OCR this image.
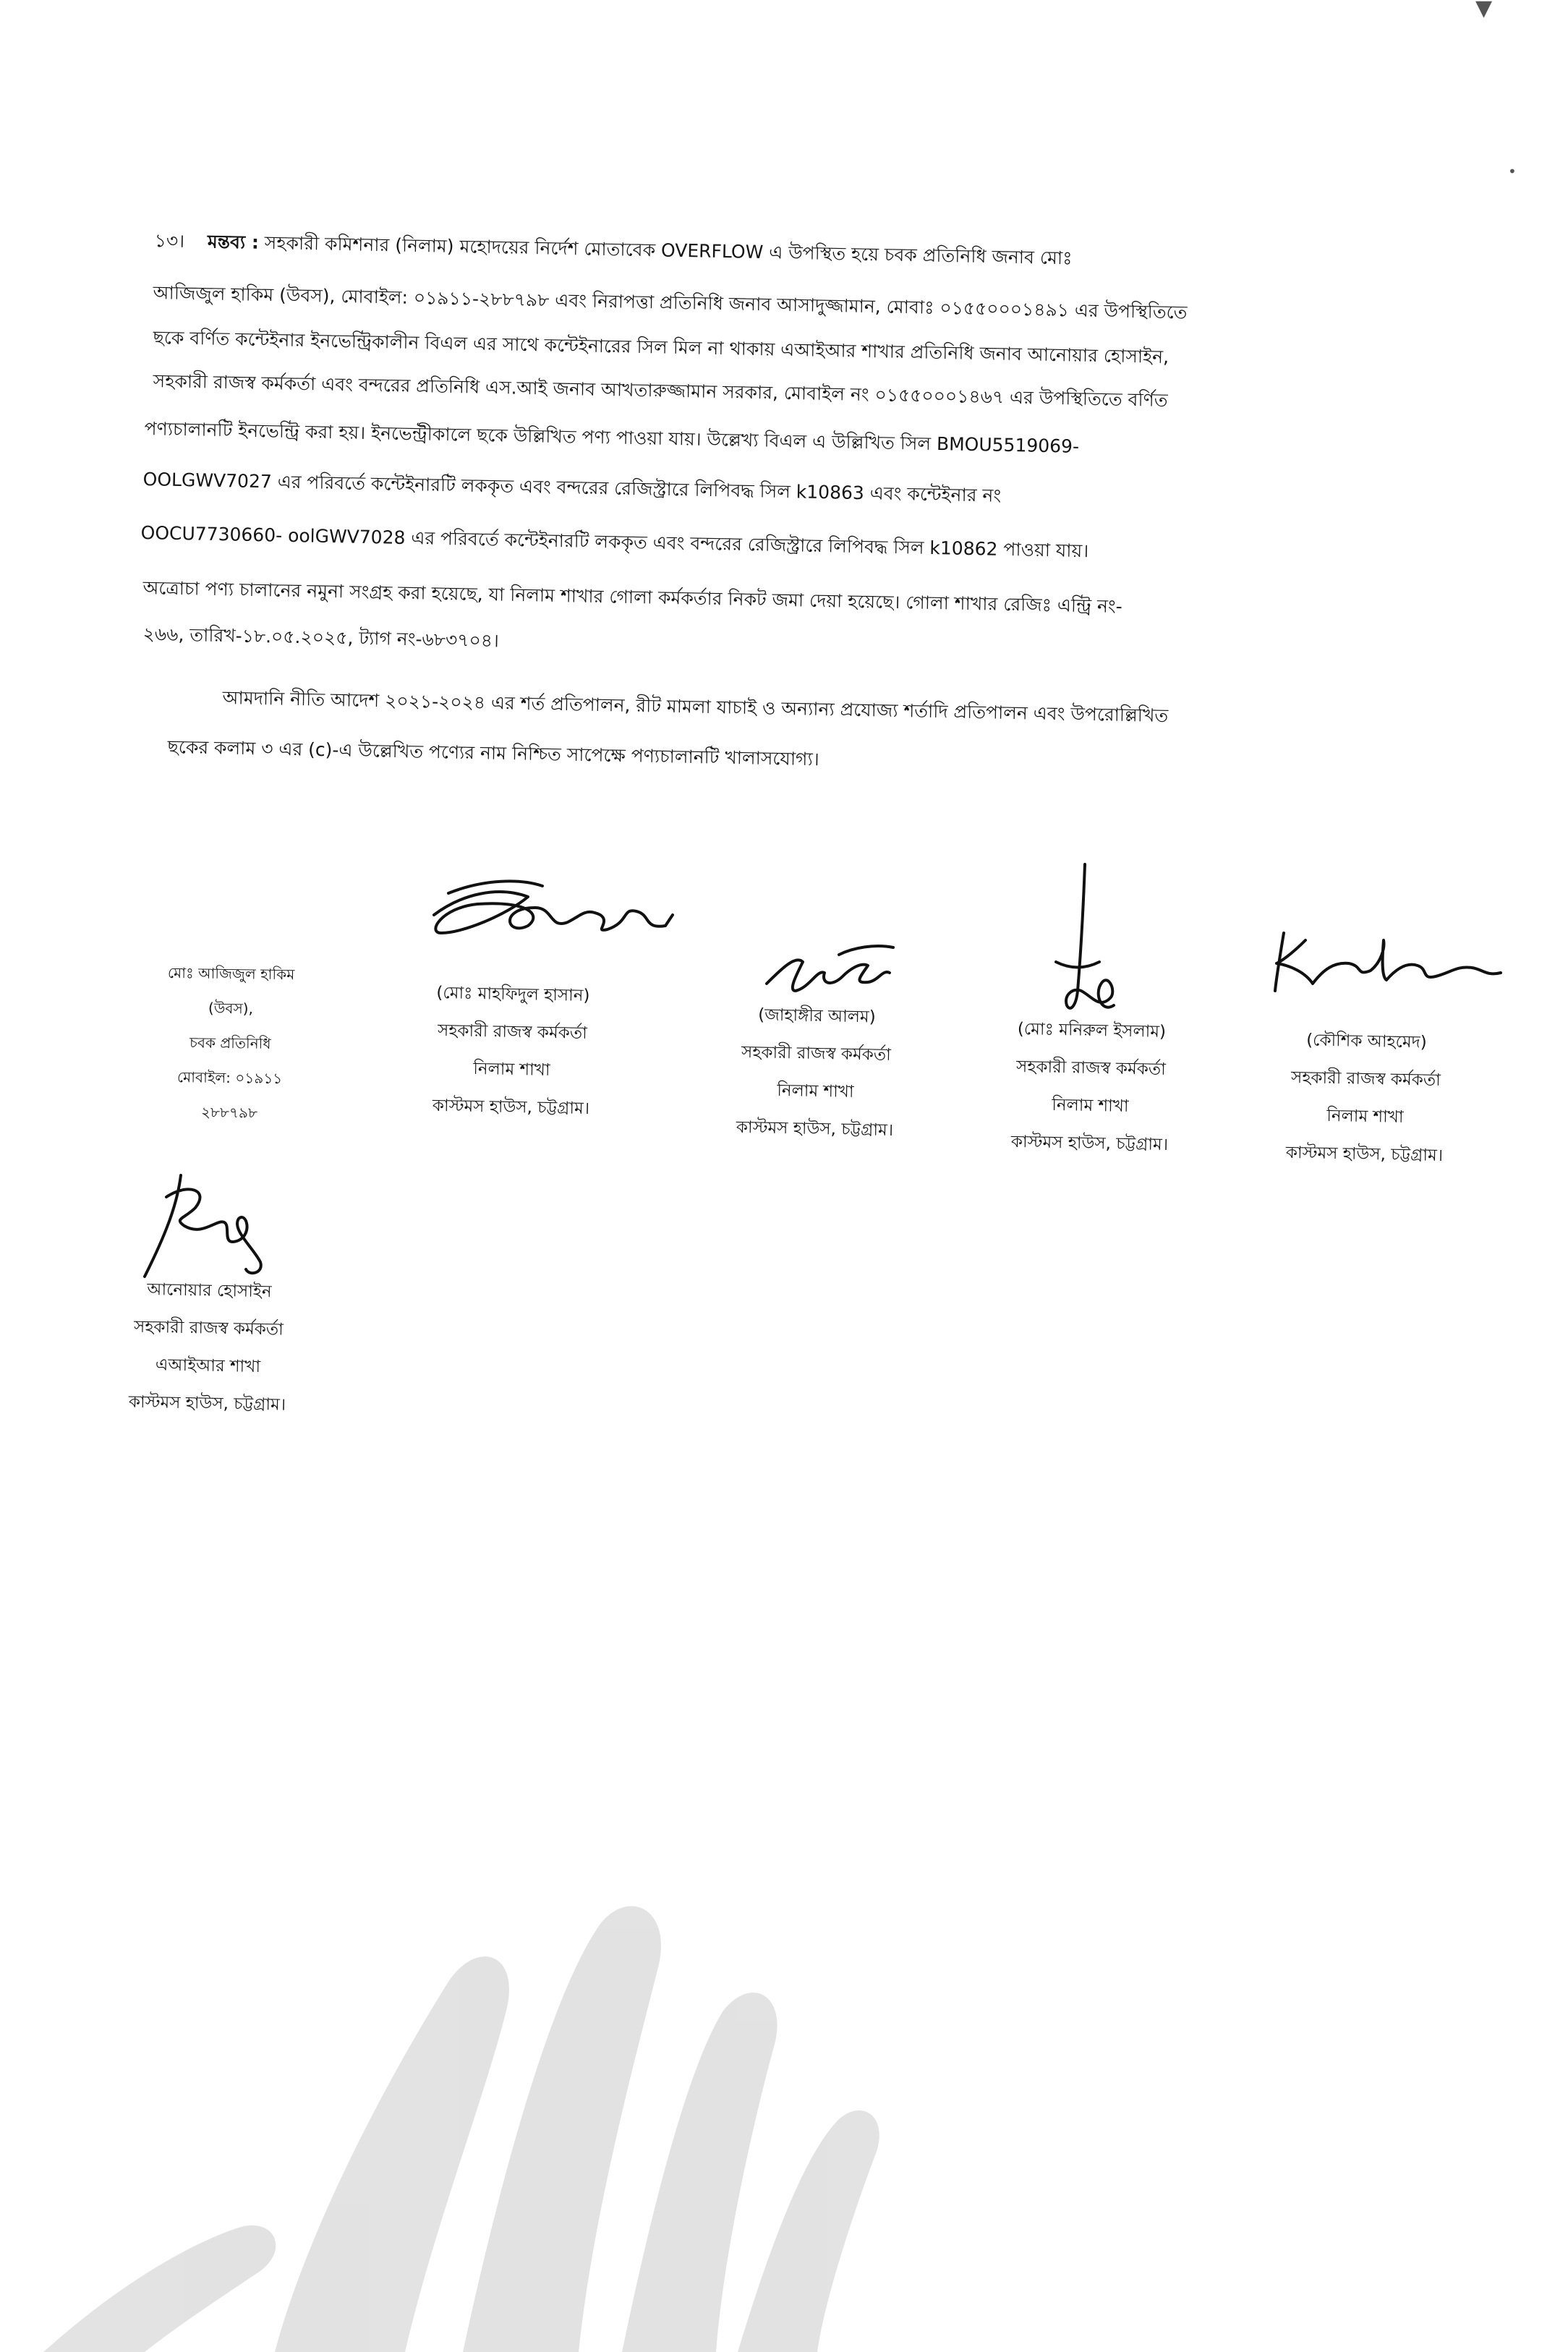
▼
•
১৩। মন্তব্য : সহকারী কমিশনার (নিলাম) মহোদয়ের নির্দেশ মোতাবেক OVERFLOW এ উপস্থিত হয়ে চবক প্রতিনিধি জনাব মোঃ
আজিজুল হাকিম (উবস), মোবাইল: ০১৯১১-২৮৮৭৯৮ এবং নিরাপত্তা প্রতিনিধি জনাব আসাদুজ্জামান, মোবাঃ ০১৫৫০০০১৪৯১ এর উপস্থিতিতে
ছকে বর্ণিত কন্টেইনার ইনভেন্ট্রিকালীন বিএল এর সাথে কন্টেইনারের সিল মিল না থাকায় এআইআর শাখার প্রতিনিধি জনাব আনোয়ার হোসাইন,
সহকারী রাজস্ব কর্মকর্তা এবং বন্দরের প্রতিনিধি এস.আই জনাব আখতারুজ্জামান সরকার, মোবাইল নং ০১৫৫০০০১৪৬৭ এর উপস্থিতিতে বর্ণিত
পণ্যচালানটি ইনভেন্ট্রি করা হয়। ইনভেন্ট্রীকালে ছকে উল্লিখিত পণ্য পাওয়া যায়। উল্লেখ্য বিএল এ উল্লিখিত সিল BMOU5519069-
OOLGWV7027 এর পরিবর্তে কন্টেইনারটি লককৃত এবং বন্দরের রেজিস্ট্রারে লিপিবদ্ধ সিল k10863 এবং কন্টেইনার নং
OOCU7730660- oolGWV7028 এর পরিবর্তে কন্টেইনারটি লককৃত এবং বন্দরের রেজিস্ট্রারে লিপিবদ্ধ সিল k10862 পাওয়া যায়।
অত্রোচা পণ্য চালানের নমুনা সংগ্রহ করা হয়েছে, যা নিলাম শাখার গোলা কর্মকর্তার নিকট জমা দেয়া হয়েছে। গোলা শাখার রেজিঃ এন্ট্রি নং-
২৬৬, তারিখ-১৮.০৫.২০২৫, ট্যাগ নং-৬৮৩৭০৪।
আমদানি নীতি আদেশ ২০২১-২০২৪ এর শর্ত প্রতিপালন, রীট মামলা যাচাই ও অন্যান্য প্রযোজ্য শর্তাদি প্রতিপালন এবং উপরোল্লিখিত
ছকের কলাম ৩ এর (c)-এ উল্লেখিত পণ্যের নাম নিশ্চিত সাপেক্ষে পণ্যচালানটি খালাসযোগ্য।
মোঃ আজিজুল হাকিম
(উবস),
চবক প্রতিনিধি
মোবাইল: ০১৯১১
২৮৮৭৯৮
(মোঃ মাহফিদুল হাসান)
সহকারী রাজস্ব কর্মকর্তা
নিলাম শাখা
কাস্টমস হাউস, চট্টগ্রাম।
(জাহাঙ্গীর আলম)
সহকারী রাজস্ব কর্মকর্তা
নিলাম শাখা
কাস্টমস হাউস, চট্টগ্রাম।
(মোঃ মনিরুল ইসলাম)
সহকারী রাজস্ব কর্মকর্তা
নিলাম শাখা
কাস্টমস হাউস, চট্টগ্রাম।
(কৌশিক আহমেদ)
সহকারী রাজস্ব কর্মকর্তা
নিলাম শাখা
কাস্টমস হাউস, চট্টগ্রাম।
আনোয়ার হোসাইন
সহকারী রাজস্ব কর্মকর্তা
এআইআর শাখা
কাস্টমস হাউস, চট্টগ্রাম।
